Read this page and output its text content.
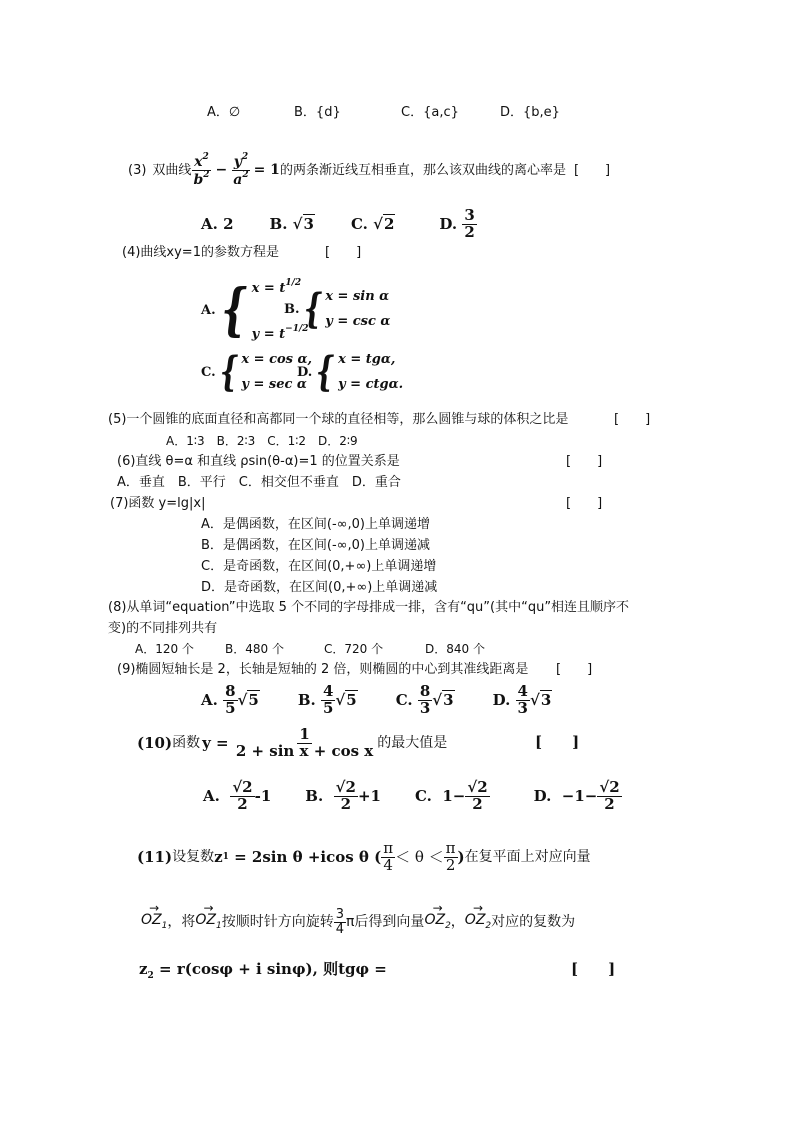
A．∅	B．{d}	C．{a,c}	D．{b,e}
(3) 双曲线 $\frac{x^2}{b^2} - \frac{y^2}{a^2} = 1$ 的两条渐近线互相垂直，那么该双曲线的离心率是 [　　]
A. 2 B. √3 C. √2	D.
$\frac{3}{2}$
(4)曲线xy=1的参数方程是	[　　]
A. { $x = t^{1/2}$
$y = t^{-1/2}$
B. { x = sin α
y = csc α
C. { x = cos α,
y = sec α
D. { x = tgα,
y = ctgα.
(5)一个圆锥的底面直径和高都同一个球的直径相等，那么圆锥与球的体积之比是	[　　]
A．1∶3　B．2∶3　C．1∶2　D．2∶9
(6)直线 θ=α 和直线 ρsin(θ-α)=1 的位置关系是	[　　]
A．垂直　B．平行　C．相交但不垂直　D．重合
(7)函数 y=lg|x|	[　　]
A．是偶函数，在区间(-∞,0)上单调递增
B．是偶函数，在区间(-∞,0)上单调递减
C．是奇函数，在区间(0,+∞)上单调递增
D．是奇函数，在区间(0,+∞)上单调递减
(8)从单词“equation”中选取 5 个不同的字母排成一排，含有“qu”(其中“qu”相连且顺序不
变)的不同排列共有
A．120 个	B．480 个	C．720 个	D．840 个
(9)椭圆短轴长是 2，长轴是短轴的 2 倍，则椭圆的中心到其准线距离是 [　　]
A.
$\frac{8}{5}$ √ 5	B.
$\frac{4}{5}$ √ 5	C.
$\frac{8}{3}$ √ 3	D.
$\frac{4}{3}$ √ 3
(10) 函数 y =
$\frac{1}{\text{2 + sin x + cos x}}$ 的最大值是	[　　]
A.
$\frac{√2}{2} -1$ B.
$\frac{√2}{2} +1$ C.
$1- \frac{√2}{2}$	D.
$-1- \frac{√2}{2}$
(11) 设复数 z 1
= 2sin θ +icos θ ( $\frac{\pi}{4} < \theta < \frac{\pi}{2}$ ) 在复平面上对应向量
→ $OZ_1$ ，将 → $OZ_1$ 按顺时针方向旋转 $\frac{3}{4}$ π后得到向量 → $OZ_2$ ， → $OZ_2$ 对应的复数为
$z_2 = r(\cos\varphi + i$ sinφ), 则tgφ =	[　　]
